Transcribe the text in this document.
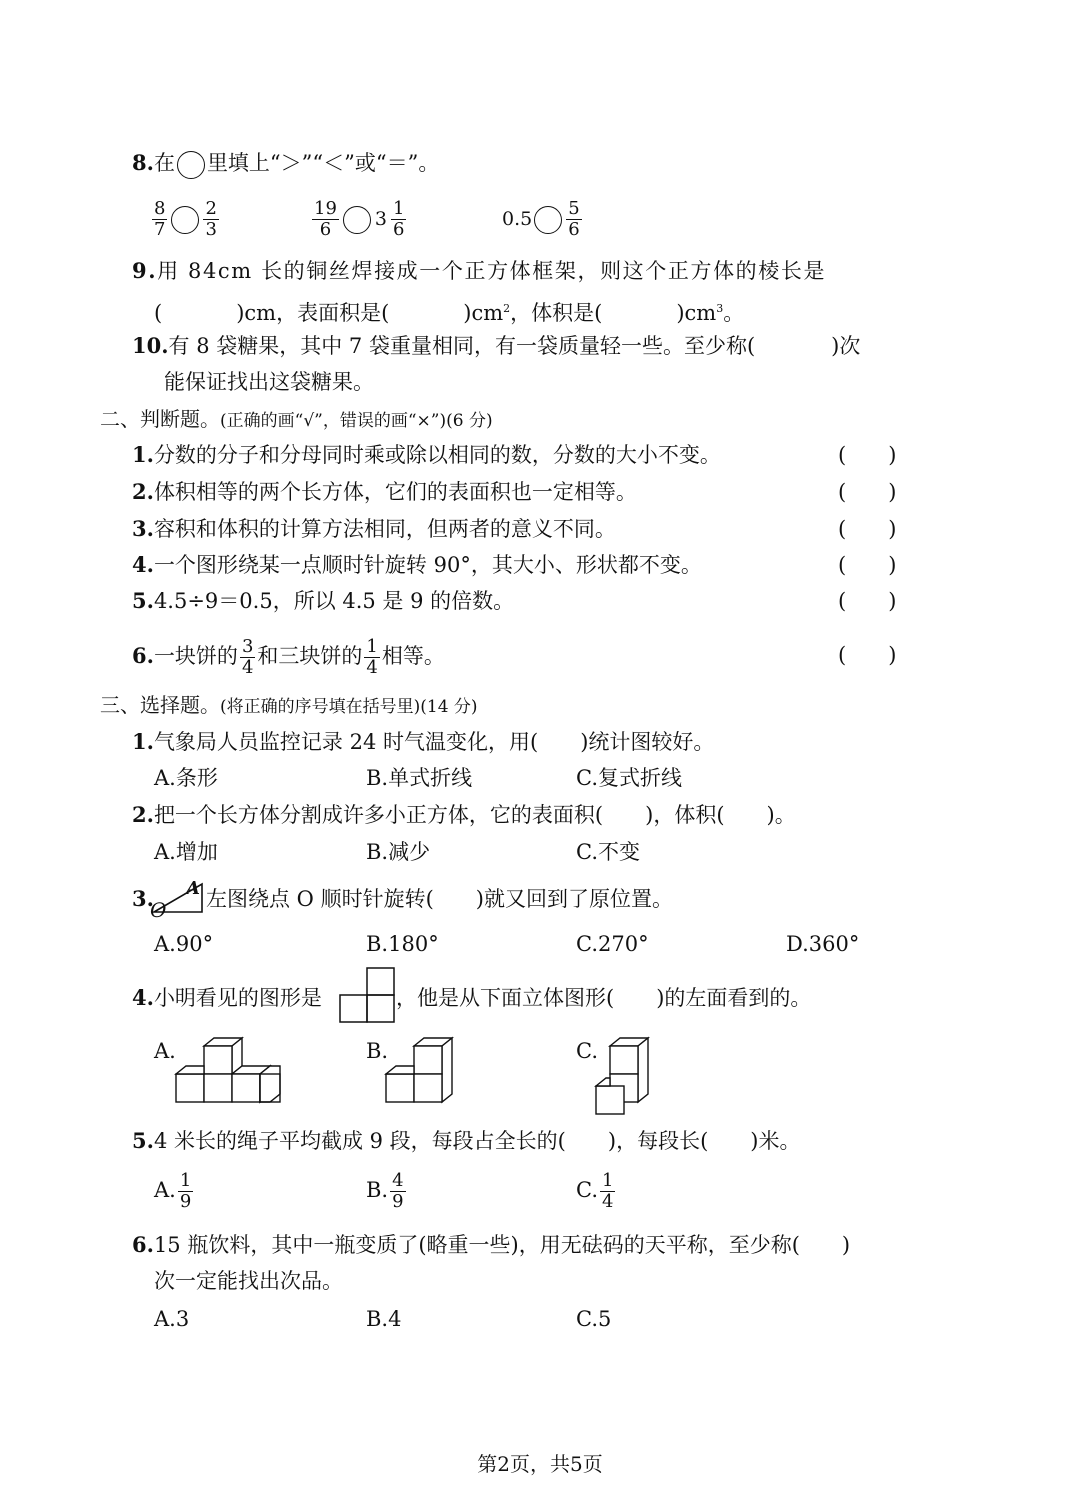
8.在 里填上“＞”“＜”或“＝”。
$\frac{8}{7} \frac{2}{3}$	$\frac{19}{6} 3 \frac{1}{6}$	$0.5 \frac{5}{6}$
9.用 84cm 长的铜丝焊接成一个正方体框架，则这个正方体的棱长是
(	)cm，表面积是(	)$cm^2$，体积是(	)$cm^3$。
10.有 8 袋糖果，其中 7 袋重量相同，有一袋质量轻一些。至少称(	)次
能保证找出这袋糖果。
二、判断题。(正确的画“√”，错误的画“×”)(6 分)
1.分数的分子和分母同时乘或除以相同的数，分数的大小不变。	(　　)
2.体积相等的两个长方体，它们的表面积也一定相等。	(　　)
3.容积和体积的计算方法相同，但两者的意义不同。	(　　)
4.一个图形绕某一点顺时针旋转 90°，其大小、形状都不变。	(　　)
5.4.5÷9＝0.5，所以 4.5 是 9 的倍数。	(　　)
6.一块饼的 $\frac{3}{4}$ 和三块饼的 $\frac{1}{4}$ 相等。	(　　)
三、选择题。(将正确的序号填在括号里)(14 分)
1.气象局人员监控记录 24 时气温变化，用(　　)统计图较好。
A.条形	B.单式折线	C.复式折线
2.把一个长方体分割成许多小正方体，它的表面积(　　)，体积(　　)。
A.增加	B.减少	C.不变
3.
O
A 左图绕点 O 顺时针旋转(　　)就又回到了原位置。
A.90°	B.180°	C.270°	D.360°
4.小明看见的图形是	，他是从下面立体图形(　　)的左面看到的。
A.	B.	C.
5.4 米长的绳子平均截成 9 段，每段占全长的(　　)，每段长(　　)米。
A. $\frac{1}{9}$	B. $\frac{4}{9}$	C. $\frac{1}{4}$
6.15 瓶饮料，其中一瓶变质了(略重一些)，用无砝码的天平称，至少称(　　)
次一定能找出次品。
A.3	B.4	C.5
第2页，共5页
